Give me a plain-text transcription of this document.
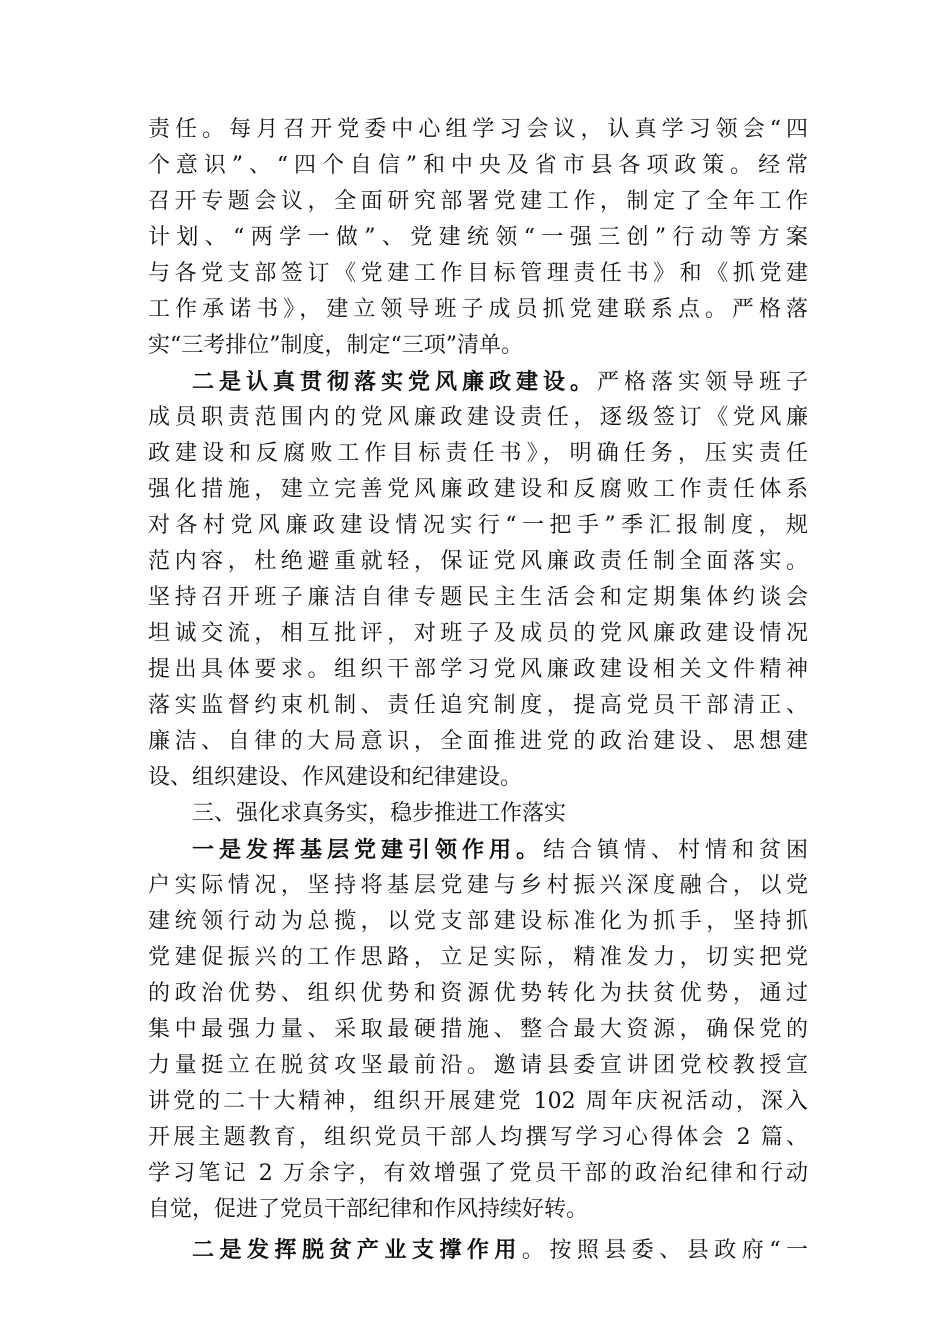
责任。每月召开党委中心组学习会议，认真学习领会“四
个意识”、“四个自信”和中央及省市县各项政策。经常
召开专题会议，全面研究部署党建工作，制定了全年工作
计划、“两学一做”、党建统领“一强三创”行动等方案
与各党支部签订《党建工作目标管理责任书》和《抓党建
工作承诺书》，建立领导班子成员抓党建联系点。严格落
实“三考排位”制度，制定“三项”清单。
二是认真贯彻落实党风廉政建设。严格落实领导班子
成员职责范围内的党风廉政建设责任，逐级签订《党风廉
政建设和反腐败工作目标责任书》，明确任务，压实责任
强化措施，建立完善党风廉政建设和反腐败工作责任体系
对各村党风廉政建设情况实行“一把手”季汇报制度，规
范内容，杜绝避重就轻，保证党风廉政责任制全面落实。
坚持召开班子廉洁自律专题民主生活会和定期集体约谈会
坦诚交流，相互批评，对班子及成员的党风廉政建设情况
提出具体要求。组织干部学习党风廉政建设相关文件精神
落实监督约束机制、责任追究制度，提高党员干部清正、
廉洁、自律的大局意识，全面推进党的政治建设、思想建
设、组织建设、作风建设和纪律建设。
三、强化求真务实，稳步推进工作落实
一是发挥基层党建引领作用。结合镇情、村情和贫困
户实际情况，坚持将基层党建与乡村振兴深度融合，以党
建统领行动为总揽，以党支部建设标准化为抓手，坚持抓
党建促振兴的工作思路，立足实际，精准发力，切实把党
的政治优势、组织优势和资源优势转化为扶贫优势，通过
集中最强力量、采取最硬措施、整合最大资源，确保党的
力量挺立在脱贫攻坚最前沿。邀请县委宣讲团党校教授宣
讲党的二十大精神，组织开展建党 102 周年庆祝活动，深入
开展主题教育，组织党员干部人均撰写学习心得体会 2 篇、
学习笔记 2 万余字，有效增强了党员干部的政治纪律和行动
自觉，促进了党员干部纪律和作风持续好转。
二是发挥脱贫产业支撑作用。按照县委、县政府“一
